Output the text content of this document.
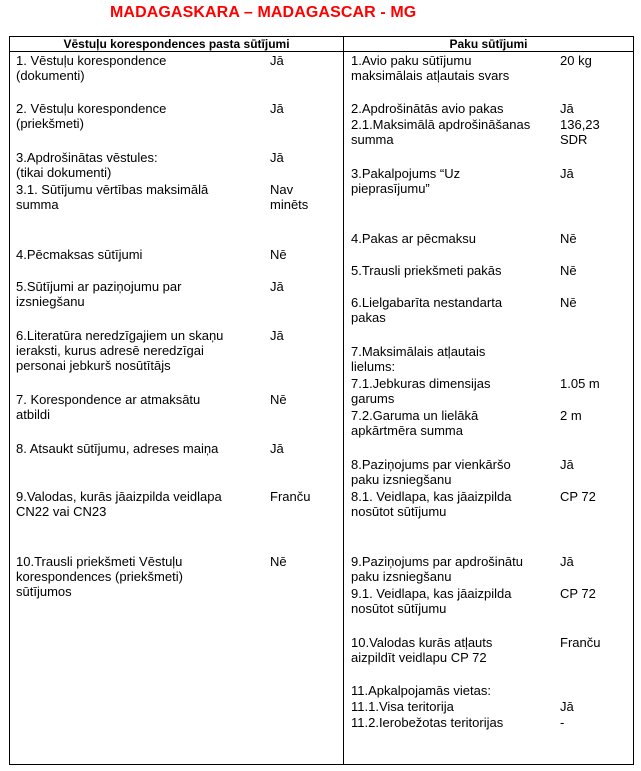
MADAGASKARA – MADAGASCAR - MG
Vēstuļu korespondences pasta sūtījumi	Paku sūtījumi
1. Vēstuļu korespondence
(dokumenti)
Jā
2. Vēstuļu korespondence
(priekšmeti)
Jā
3.Apdrošinātas vēstules:
(tikai dokumenti)
Jā
3.1. Sūtījumu vērtības maksimālā
summa
Nav
minēts
4.Pēcmaksas sūtījumi	Nē
5.Sūtījumi ar paziņojumu par
izsniegšanu
Jā
6.Literatūra neredzīgajiem un skaņu
ieraksti, kurus adresē neredzīgai
personai jebkurš nosūtītājs
Jā
7. Korespondence ar atmaksātu
atbildi
Nē
8. Atsaukt sūtījumu, adreses maiņa	Jā
9.Valodas, kurās jāaizpilda veidlapa
CN22 vai CN23
Franču
10.Trausli priekšmeti Vēstuļu
korespondences (priekšmeti)
sūtījumos
Nē
1.Avio paku sūtījumu
maksimālais atļautais svars
20 kg
2.Apdrošinātās avio pakas	Jā
2.1.Maksimālā apdrošināšanas
summa
136,23
SDR
3.Pakalpojums “Uz
pieprasījumu”
Jā
4.Pakas ar pēcmaksu	Nē
5.Trausli priekšmeti pakās	Nē
6.Lielgabarīta nestandarta
pakas
Nē
7.Maksimālais atļautais
lielums:
7.1.Jebkuras dimensijas
garums
1.05 m
7.2.Garuma un lielākā
apkārtmēra summa
2 m
8.Paziņojums par vienkāršo
paku izsniegšanu
Jā
8.1. Veidlapa, kas jāaizpilda
nosūtot sūtījumu
CP 72
9.Paziņojums par apdrošinātu
paku izsniegšanu
Jā
9.1. Veidlapa, kas jāaizpilda
nosūtot sūtījumu
CP 72
10.Valodas kurās atļauts
aizpildīt veidlapu CP 72
Franču
11.Apkalpojamās vietas:
11.1.Visa teritorija	Jā
11.2.Ierobežotas teritorijas	-
